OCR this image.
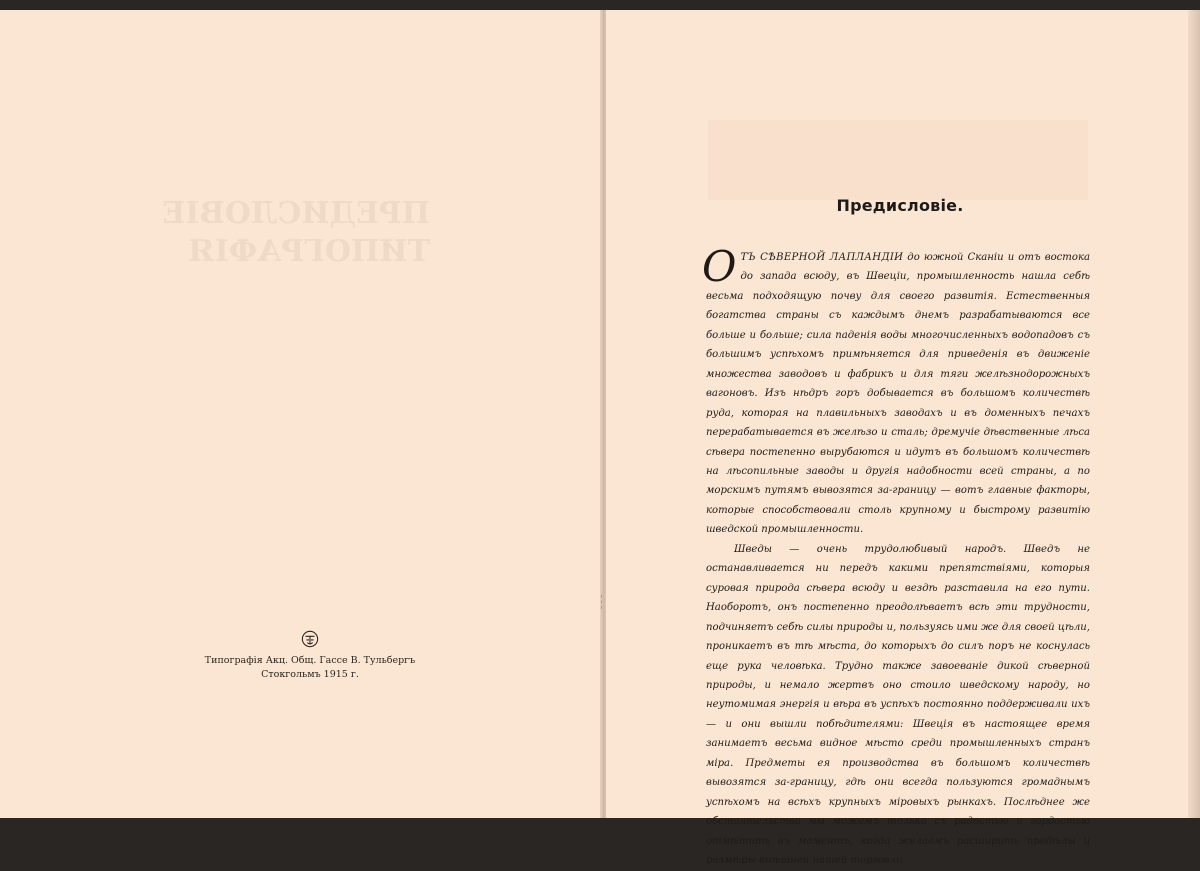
ПРЕДИСЛОВIЕ
ТИПОГРАФIЯ
Типографія Акц. Общ. Гассе В. Тульбергъ
Стокгольмъ 1915 г.
Предисловіе.

ОТЪ СѢВЕРНОЙ ЛАПЛАНДІИ до южной Сканіи и отъ востока до запада всюду, въ Швеціи, промышленность нашла себѣ весьма подходящую почву для своего развитія. Естественныя богатства страны съ каждымъ днемъ разрабатываются все больше и больше; сила паденія воды многочисленныхъ водопадовъ съ большимъ успѣхомъ примѣняется для приведенія въ движеніе множества заводовъ и фабрикъ и для тяги желѣзнодорожныхъ вагоновъ. Изъ нѣдръ горъ добывается въ большомъ количествѣ руда, которая на плавильныхъ заводахъ и въ доменныхъ печахъ перерабатывается въ желѣзо и сталь; дремучіе дѣвственные лѣса сѣвера постепенно вырубаются и идутъ въ большомъ количествѣ на лѣсопильные заводы и другія надобности всей страны, а по морскимъ путямъ вывозятся за-границу — вотъ главные факторы, которые способствовали столь крупному и быстрому развитію шведской промышленности.

Шведы — очень трудолюбивый народъ. Шведъ не останавливается ни передъ какими препятствіями, которыя суровая природа сѣвера всюду и вездѣ разставила на его пути. Наоборотъ, онъ постепенно преодолѣваетъ всѣ эти трудности, подчиняетъ себѣ силы природы и, пользуясь ими же для своей цѣли, проникаетъ въ тѣ мѣста, до которыхъ до силъ поръ не коснулась еще рука человѣка. Трудно также завоеваніе дикой сѣверной природы, и немало жертвъ оно стоило шведскому народу, но неутомимая энергія и вѣра въ успѣхъ постоянно поддерживали ихъ — и они вышли побѣдителями: Швеція въ настоящее время занимаетъ весьма видное мѣсто среди промышленныхъ странъ міра. Предметы ея производства въ большомъ количествѣ вывозятся за-границу, гдѣ они всегда пользуются громаднымъ успѣхомъ на всѣхъ крупныхъ міровыхъ рынкахъ. Послѣднее же обстоятельство мы можемъ только съ радостью и гордостью отмѣтить въ моментъ, когда желаемъ расширить предѣлы и размѣры внѣшней нашей торговли.
